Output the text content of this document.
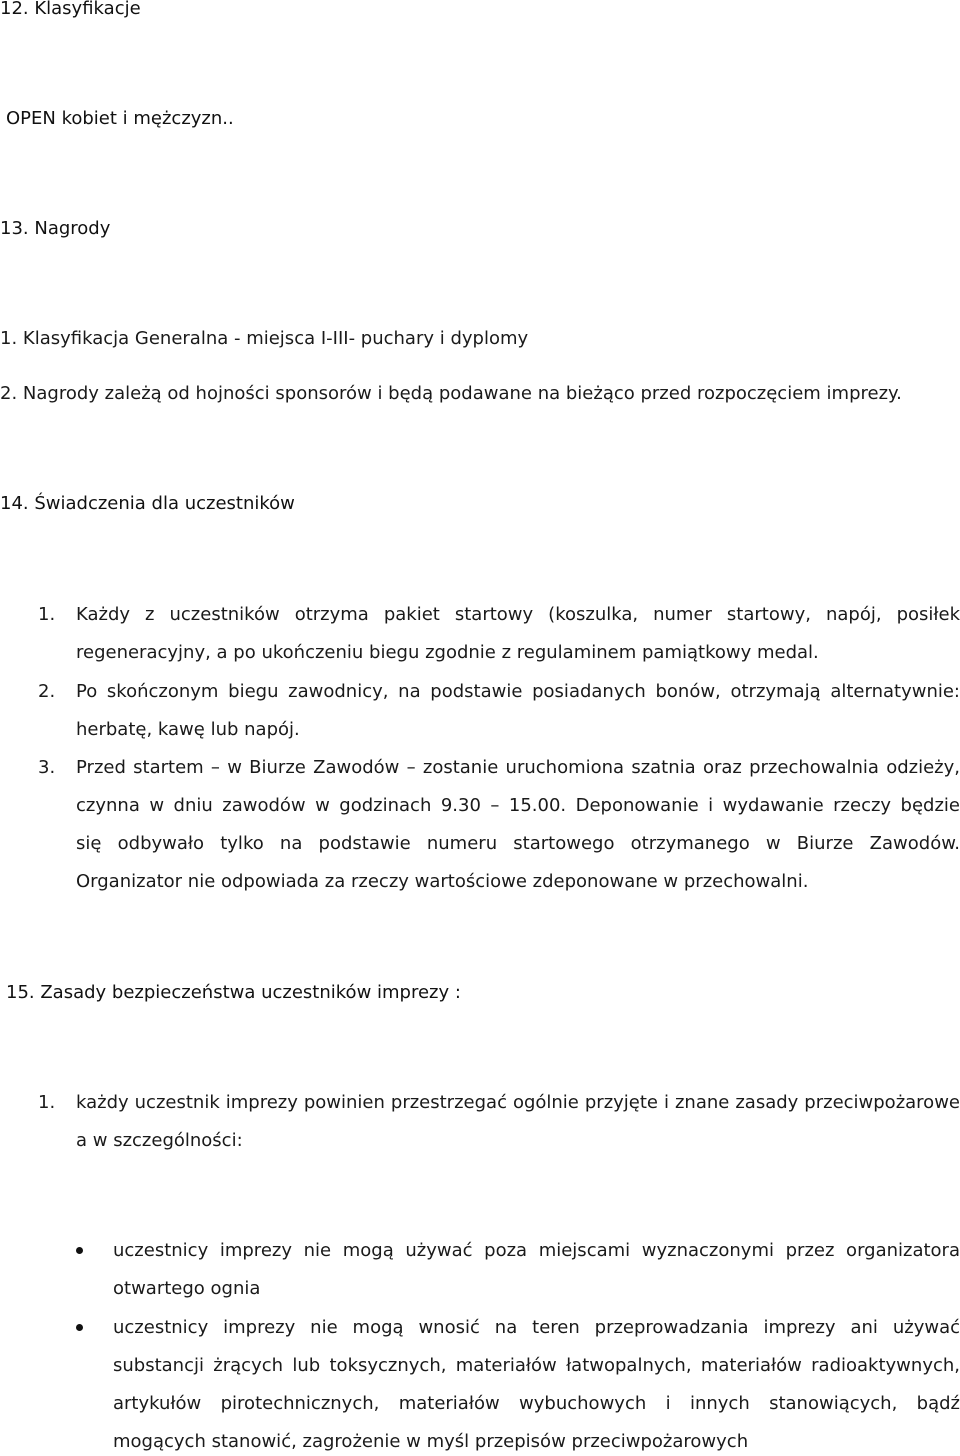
12. Klasyfikacje
OPEN kobiet i mężczyzn..
13. Nagrody
1. Klasyfikacja Generalna - miejsca I-III- puchary i dyplomy
2. Nagrody zależą od hojności sponsorów i będą podawane na bieżąco przed rozpoczęciem imprezy.
14. Świadczenia dla uczestników
1. Każdy z uczestników otrzyma pakiet startowy (koszulka, numer startowy, napój, posiłek
regeneracyjny, a po ukończeniu biegu zgodnie z regulaminem pamiątkowy medal.
2. Po skończonym biegu zawodnicy, na podstawie posiadanych bonów, otrzymają alternatywnie:
herbatę, kawę lub napój.
3. Przed startem – w Biurze Zawodów – zostanie uruchomiona szatnia oraz przechowalnia odzieży,
czynna w dniu zawodów w godzinach 9.30 – 15.00. Deponowanie i wydawanie rzeczy będzie
się odbywało tylko na podstawie numeru startowego otrzymanego w Biurze Zawodów.
Organizator nie odpowiada za rzeczy wartościowe zdeponowane w przechowalni.
15. Zasady bezpieczeństwa uczestników imprezy :
1. każdy uczestnik imprezy powinien przestrzegać ogólnie przyjęte i znane zasady przeciwpożarowe
a w szczególności:
uczestnicy imprezy nie mogą używać poza miejscami wyznaczonymi przez organizatora
otwartego ognia
uczestnicy imprezy nie mogą wnosić na teren przeprowadzania imprezy ani używać
substancji żrących lub toksycznych, materiałów łatwopalnych, materiałów radioaktywnych,
artykułów pirotechnicznych, materiałów wybuchowych i innych stanowiących, bądź
mogących stanowić, zagrożenie w myśl przepisów przeciwpożarowych
